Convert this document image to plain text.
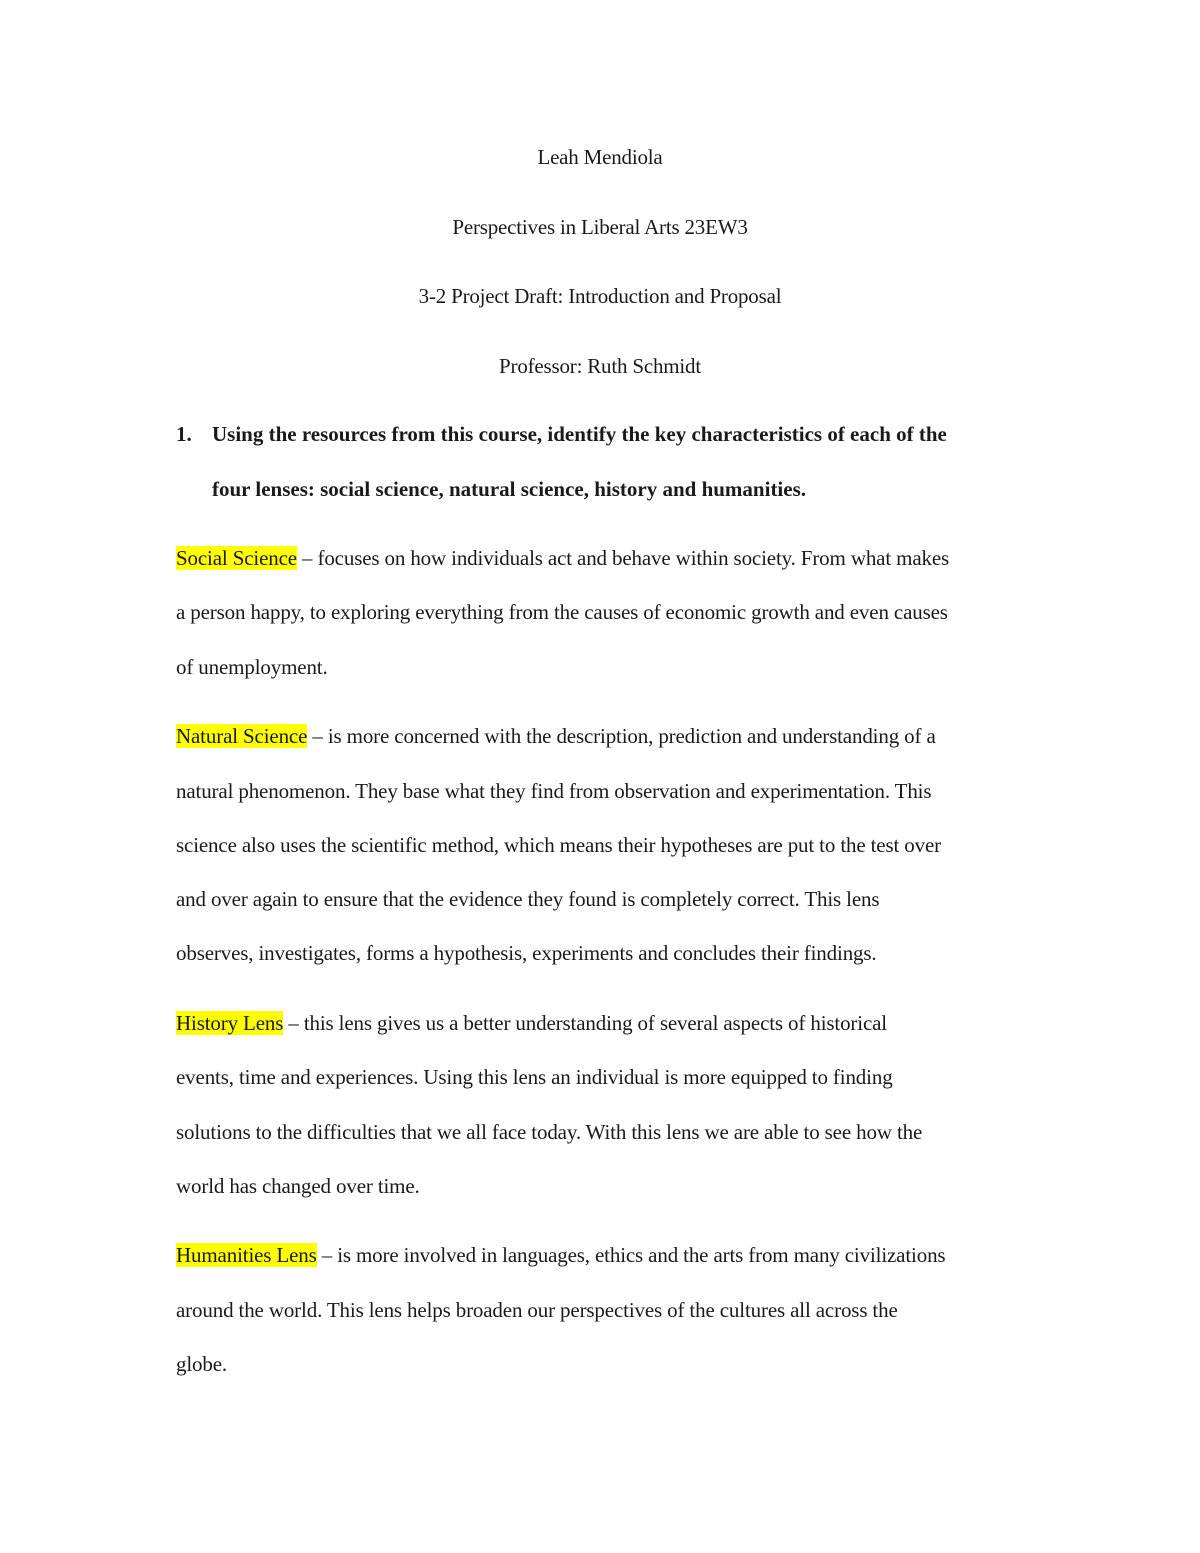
Leah Mendiola
Perspectives in Liberal Arts 23EW3
3-2 Project Draft: Introduction and Proposal
Professor: Ruth Schmidt
1. Using the resources from this course, identify the key characteristics of each of the
four lenses: social science, natural science, history and humanities.
Social Science – focuses on how individuals act and behave within society. From what makes
a person happy, to exploring everything from the causes of economic growth and even causes
of unemployment.
Natural Science – is more concerned with the description, prediction and understanding of a
natural phenomenon. They base what they find from observation and experimentation. This
science also uses the scientific method, which means their hypotheses are put to the test over
and over again to ensure that the evidence they found is completely correct. This lens
observes, investigates, forms a hypothesis, experiments and concludes their findings.
History Lens – this lens gives us a better understanding of several aspects of historical
events, time and experiences. Using this lens an individual is more equipped to finding
solutions to the difficulties that we all face today. With this lens we are able to see how the
world has changed over time.
Humanities Lens – is more involved in languages, ethics and the arts from many civilizations
around the world. This lens helps broaden our perspectives of the cultures all across the
globe.
